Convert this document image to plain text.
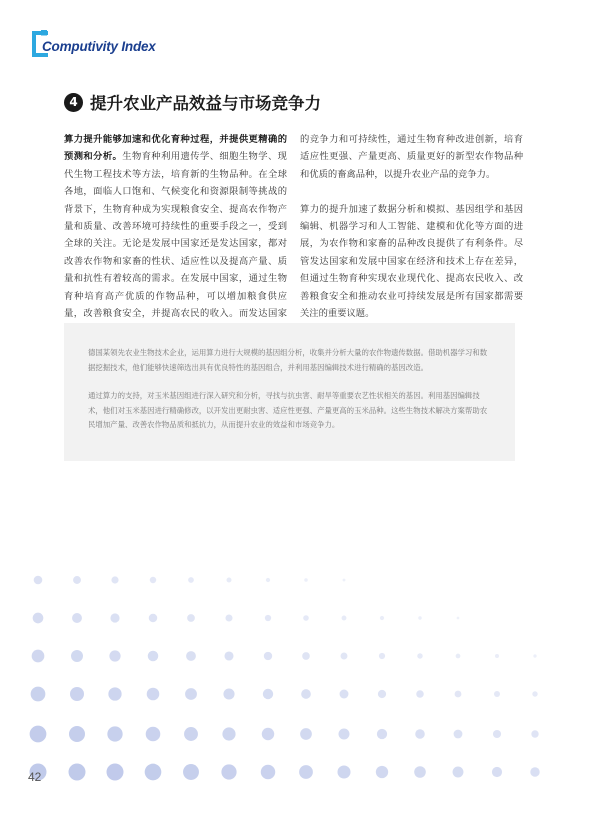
Computivity Index
4 提升农业产品效益与市场竞争力

算力提升能够加速和优化育种过程，并提供更精确的预测和分析。生物育种利用遗传学、细胞生物学、现代生物工程技术等方法，培育新的生物品种。在全球各地，面临人口饱和、气候变化和资源限制等挑战的背景下，生物育种成为实现粮食安全、提高农作物产量和质量、改善环境可持续性的重要手段之一，受到全球的关注。无论是发展中国家还是发达国家，都对改善农作物和家畜的性状、适应性以及提高产量、质量和抗性有着较高的需求。在发展中国家，通过生物育种培育高产优质的作物品种，可以增加粮食供应量，改善粮食安全，并提高农民的收入。而发达国家

的竞争力和可持续性，通过生物育种改进创新，培育适应性更强、产量更高、质量更好的新型农作物品种和优质的畜禽品种，以提升农业产品的竞争力。

算力的提升加速了数据分析和模拟、基因组学和基因编辑、机器学习和人工智能、建模和优化等方面的进展，为农作物和家畜的品种改良提供了有利条件。尽管发达国家和发展中国家在经济和技术上存在差异，但通过生物育种实现农业现代化、提高农民收入、改善粮食安全和推动农业可持续发展是所有国家都需要关注的重要议题。

德国某领先农业生物技术企业，运用算力进行大规模的基因组分析，收集并分析大量的农作物遗传数据。借助机器学习和数据挖掘技术，他们能够快速筛选出具有优良特性的基因组合，并利用基因编辑技术进行精确的基因改造。

通过算力的支持，对玉米基因组进行深入研究和分析，寻找与抗虫害、耐旱等重要农艺性状相关的基因。利用基因编辑技术，他们对玉米基因进行精确修改，以开发出更耐虫害、适应性更强、产量更高的玉米品种。这些生物技术解决方案帮助农民增加产量、改善农作物品质和抵抗力，从而提升农业的效益和市场竞争力。

42
